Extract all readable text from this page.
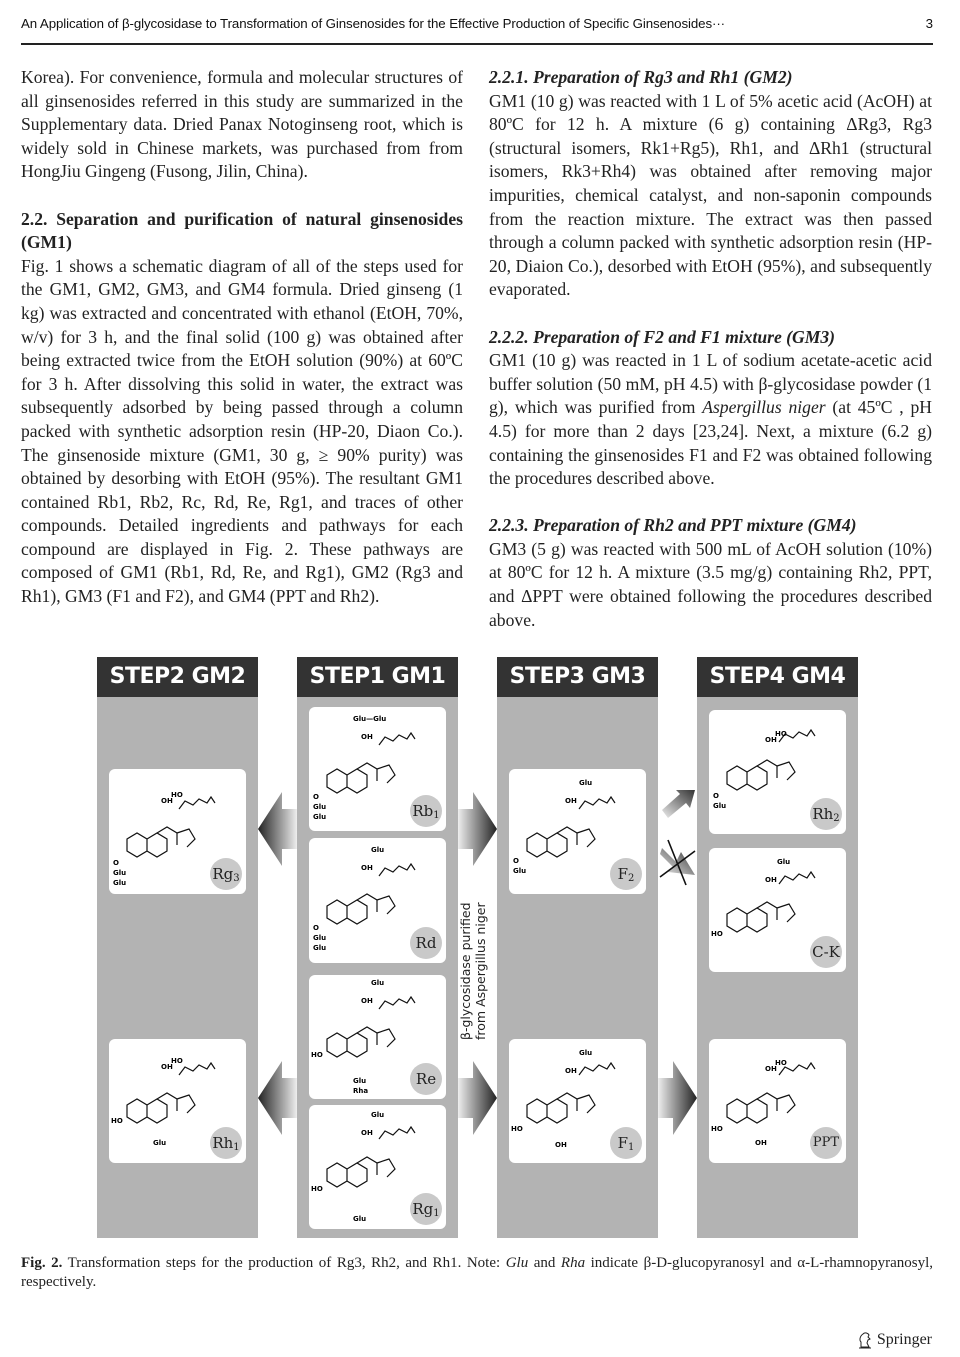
An Application of β-glycosidase to Transformation of Ginsenosides for the Effective Production of Specific Ginsenosides···	3

Korea). For convenience, formula and molecular structures of all ginsenosides referred in this study are summarized in the Supplementary data. Dried Panax Notoginseng root, which is widely sold in Chinese markets, was purchased from from HongJiu Gingeng (Fusong, Jilin, China).

2.2. Separation and purification of natural ginsenosides (GM1)

Fig. 1 shows a schematic diagram of all of the steps used for the GM1, GM2, GM3, and GM4 formula. Dried ginseng (1 kg) was extracted and concentrated with ethanol (EtOH, 70%, w/v) for 3 h, and the final solid (100 g) was obtained after being extracted twice from the EtOH solution (90%) at 60ºC for 3 h. After dissolving this solid in water, the extract was subsequently adsorbed by being passed through a column packed with synthetic adsorption resin (HP-20, Diaon Co.). The ginsenoside mixture (GM1, 30 g, ≥ 90% purity) was obtained by desorbing with EtOH (95%). The resultant GM1 contained Rb1, Rb2, Rc, Rd, Re, Rg1, and traces of other compounds. Detailed ingredients and pathways for each compound are displayed in Fig. 2. These pathways are composed of GM1 (Rb1, Rd, Re, and Rg1), GM2 (Rg3 and Rh1), GM3 (F1 and F2), and GM4 (PPT and Rh2).

2.2.1. Preparation of Rg3 and Rh1 (GM2)

GM1 (10 g) was reacted with 1 L of 5% acetic acid (AcOH) at 80ºC for 12 h. A mixture (6 g) containing ΔRg3, Rg3 (structural isomers, Rk1+Rg5), Rh1, and ΔRh1 (structural isomers, Rk3+Rh4) was obtained after removing major impurities, chemical catalyst, and non-saponin compounds from the reaction mixture. The extract was then passed through a column packed with synthetic adsorption resin (HP-20, Diaion Co.), desorbed with EtOH (95%), and subsequently evaporated.

2.2.2. Preparation of F2 and F1 mixture (GM3)

GM1 (10 g) was reacted in 1 L of sodium acetate-acetic acid buffer solution (50 mM, pH 4.5) with β-glycosidase powder (1 g), which was purified from Aspergillus niger (at 45ºC , pH 4.5) for more than 2 days [23,24]. Next, a mixture (6.2 g) containing the ginsenosides F1 and F2 was obtained following the procedures described above.

2.2.3. Preparation of Rh2 and PPT mixture (GM4)

GM3 (5 g) was reacted with 500 mL of AcOH solution (10%) at 80ºC for 12 h. A mixture (3.5 mg/g) containing Rh2, PPT, and ΔPPT were obtained following the procedures described above.

STEP2 GM2
O
Glu
Glu
OH
HO
$Rg_3$
HO
Glu
OH
HO
$Rh_1$
STEP1 GM1
Glu—Glu
O
Glu
Glu
OH
$Rb_1$
Glu
O
Glu
Glu
OH
Rd
Glu
HO
Glu
Rha
OH
Re
Glu
HO
Glu
OH
$Rg_1$
β-glycosidase purified from Aspergillus niger
STEP3 GM3
Glu
O
Glu
OH
$F_2$
Glu
HO
OH
OH
$F_1$
STEP4 GM4
O
Glu
OH
HO
$Rh_2$
Glu
HO
OH
C-K
HO
OH
OH
HO
PPT
Fig. 2. Transformation steps for the production of Rg3, Rh2, and Rh1. Note: Glu and Rha indicate β-D-glucopyranosyl and α-L-rhamnopyranosyl, respectively.
Springer
